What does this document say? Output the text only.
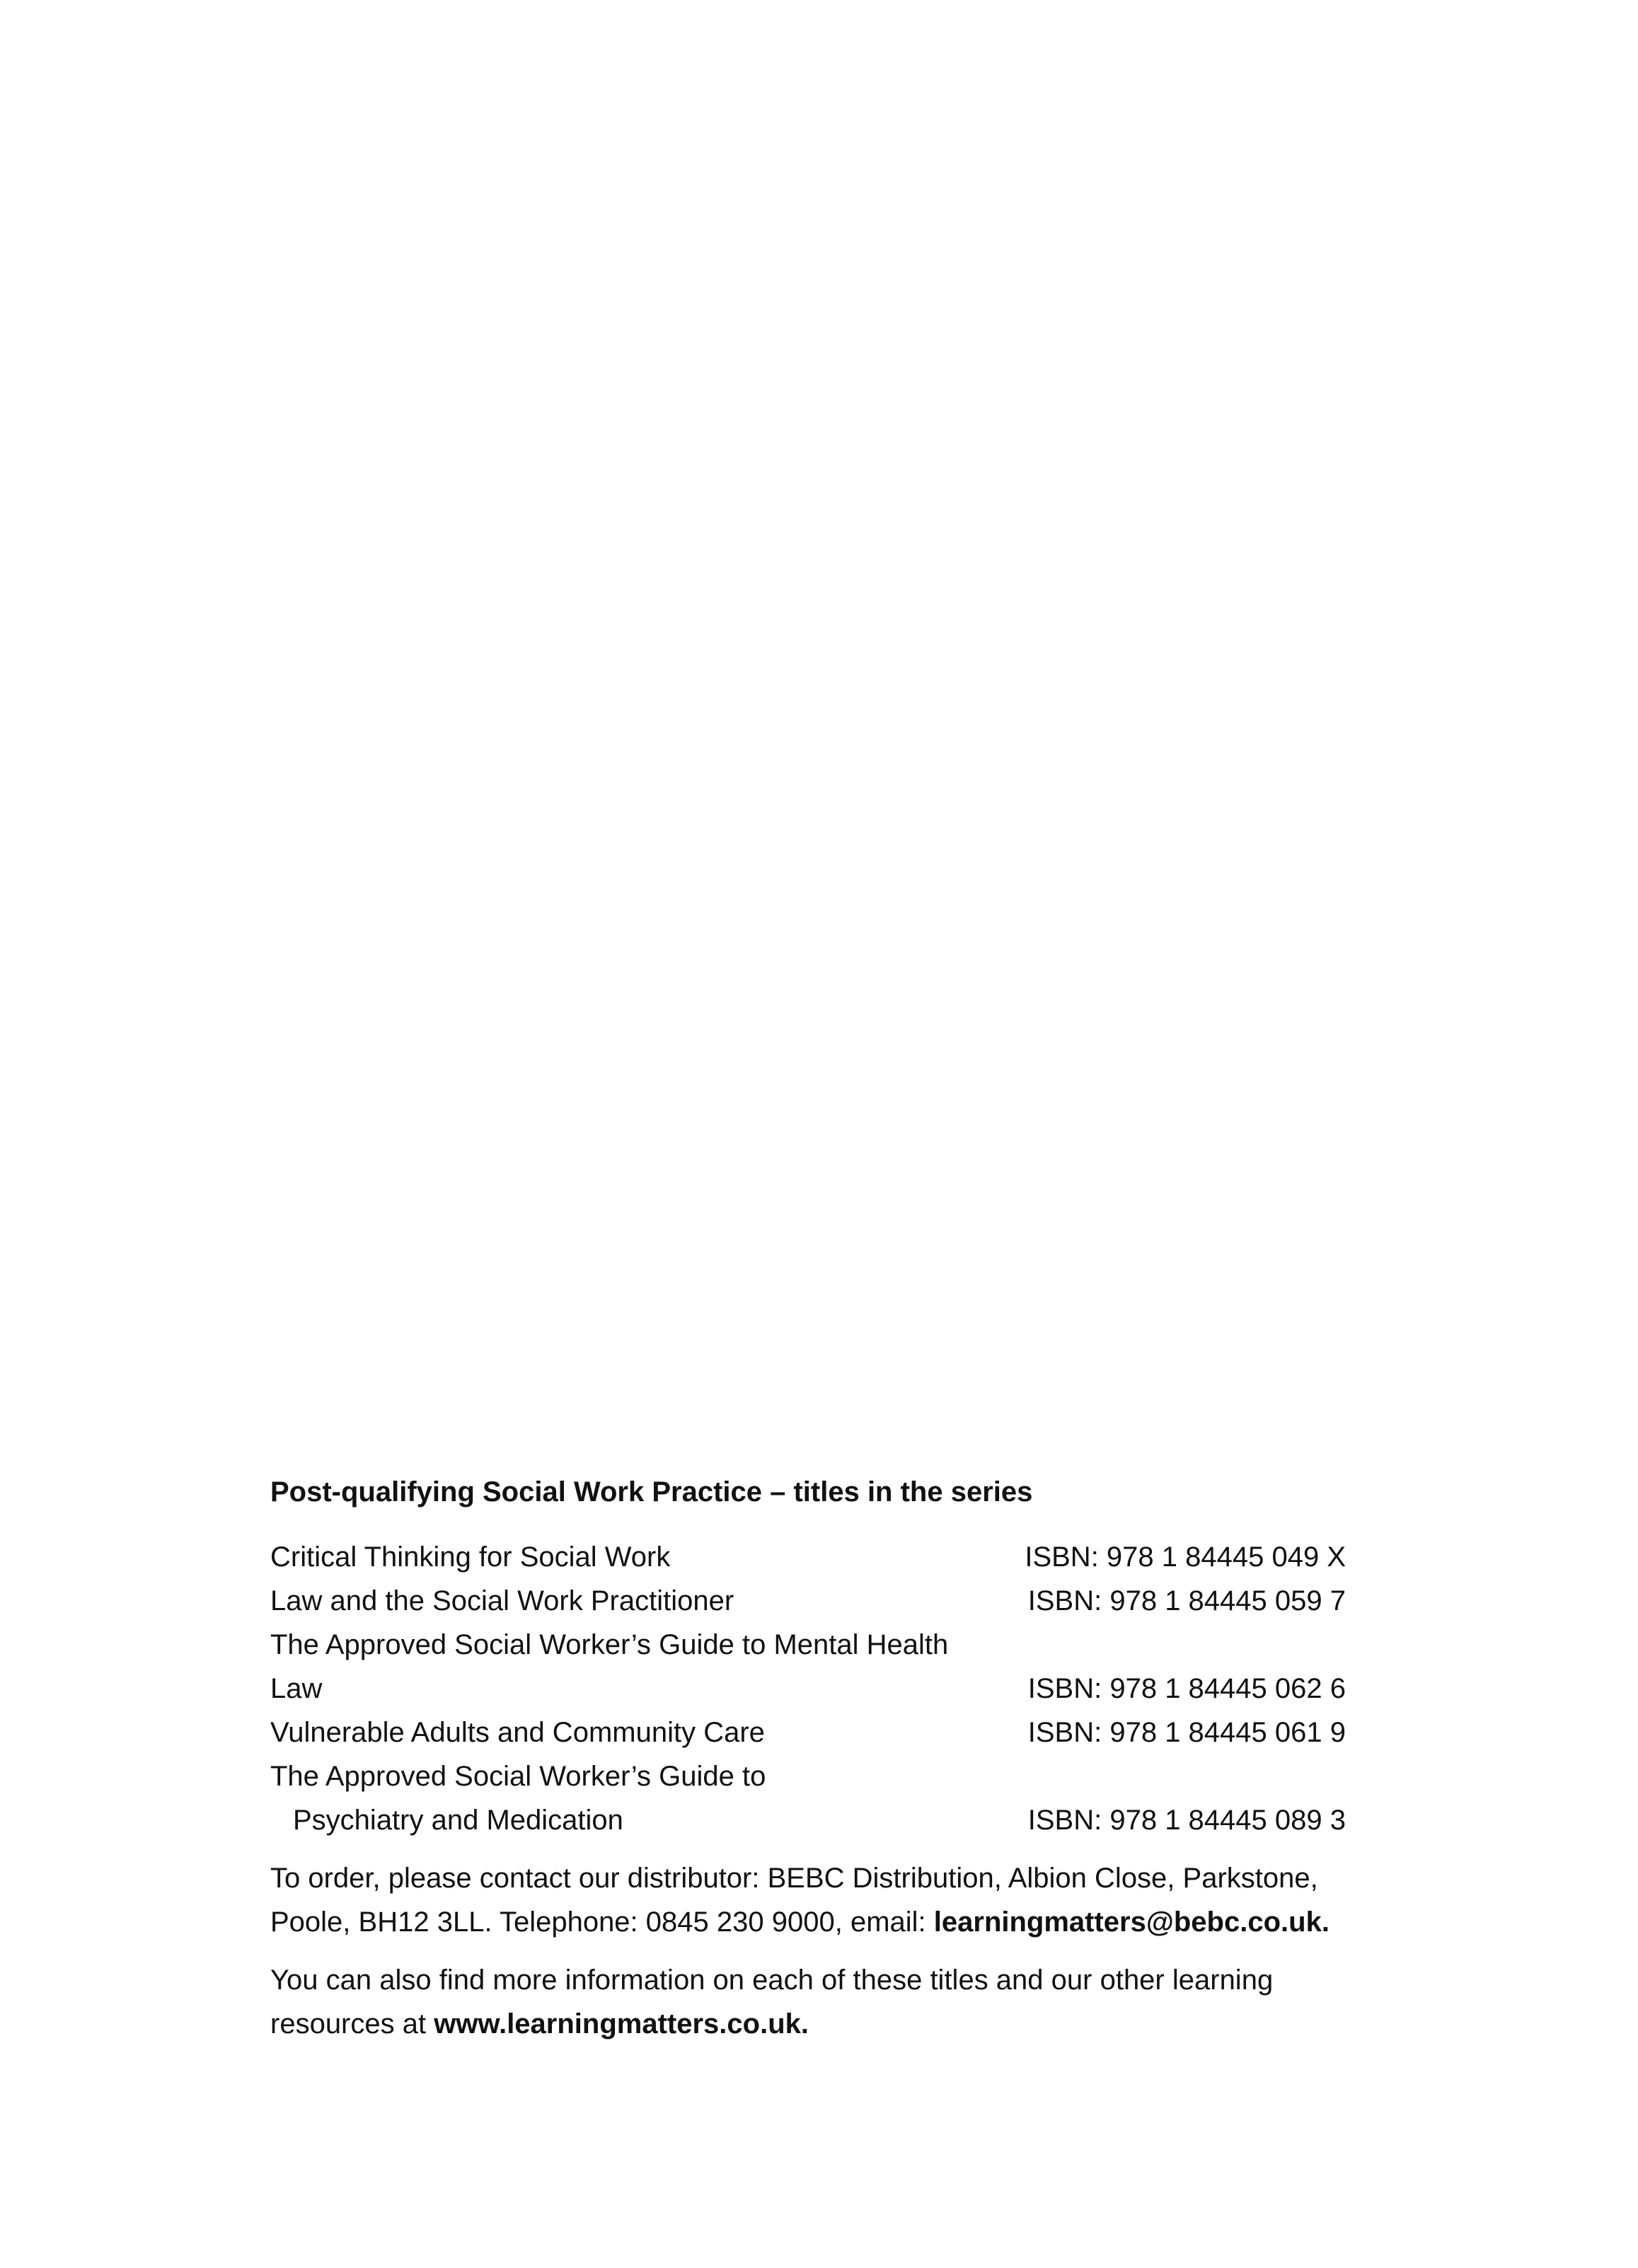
Post-qualifying Social Work Practice – titles in the series

Critical Thinking for Social Work	ISBN: 978 1 84445 049 X
Law and the Social Work Practitioner	ISBN: 978 1 84445 059 7
The Approved Social Worker’s Guide to Mental Health Law	ISBN: 978 1 84445 062 6
Vulnerable Adults and Community Care	ISBN: 978 1 84445 061 9
The Approved Social Worker’s Guide to
Psychiatry and Medication	ISBN: 978 1 84445 089 3

To order, please contact our distributor: BEBC Distribution, Albion Close, Parkstone, Poole, BH12 3LL. Telephone: 0845 230 9000, email: learningmatters@bebc.co.uk.

You can also find more information on each of these titles and our other learning resources at www.learningmatters.co.uk.
